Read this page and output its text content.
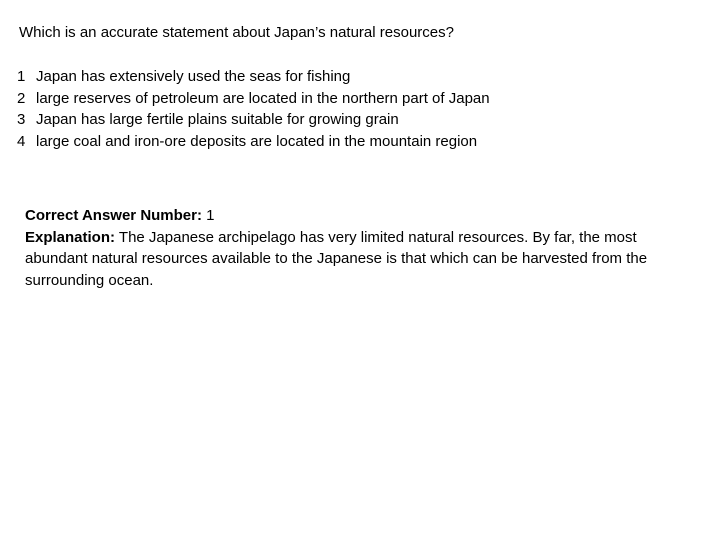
Which is an accurate statement about Japan’s natural resources?
1 Japan has extensively used the seas for fishing
2 large reserves of petroleum are located in the northern part of Japan
3 Japan has large fertile plains suitable for growing grain
4 large coal and iron-ore deposits are located in the mountain region

Correct Answer Number: 1

Explanation: The Japanese archipelago has very limited natural resources. By far, the most abundant natural resources available to the Japanese is that which can be harvested from the surrounding ocean.
